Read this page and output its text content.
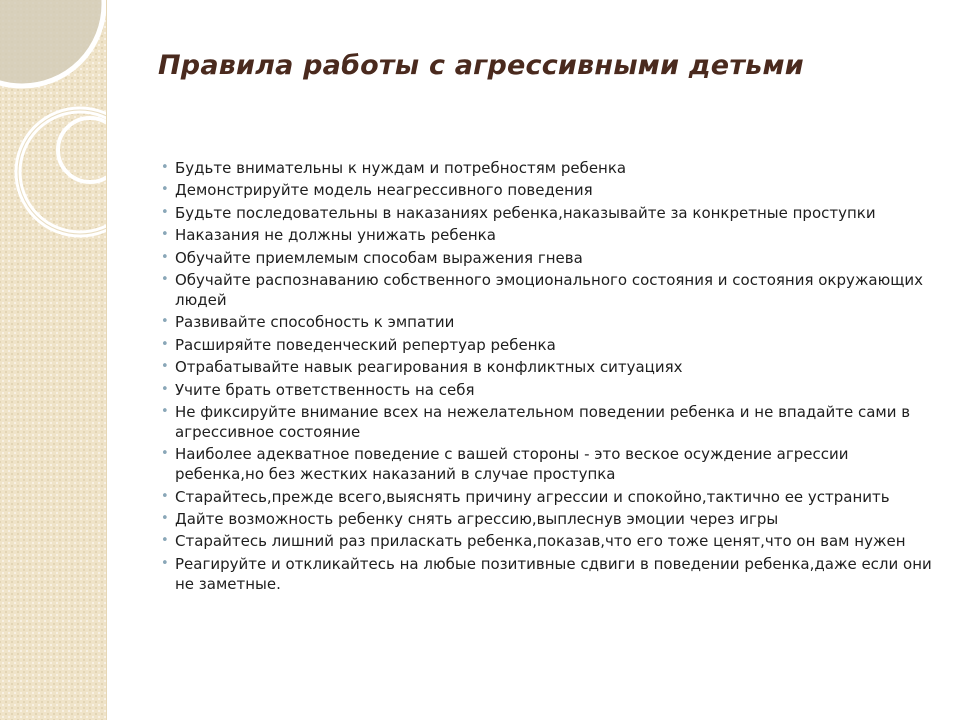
Правила работы с агрессивными детьми
• Будьте внимательны к нуждам и потребностям ребенка
• Демонстрируйте модель неагрессивного поведения
• Будьте последовательны в наказаниях ребенка,наказывайте за конкретные проступки
• Наказания не должны унижать ребенка
• Обучайте приемлемым способам выражения гнева
• Обучайте распознаванию собственного эмоционального состояния и состояния окружающих людей
• Развивайте способность к эмпатии
• Расширяйте поведенческий репертуар ребенка
• Отрабатывайте навык реагирования в конфликтных ситуациях
• Учите брать ответственность на себя
• Не фиксируйте внимание всех на нежелательном поведении ребенка и не впадайте сами в агрессивное состояние
• Наиболее адекватное поведение с вашей стороны - это веское осуждение агрессии ребенка,но без жестких наказаний в случае проступка
• Старайтесь,прежде всего,выяснять причину агрессии и спокойно,тактично ее устранить
• Дайте возможность ребенку снять агрессию,выплеснув эмоции через игры
• Старайтесь лишний раз приласкать ребенка,показав,что его тоже ценят,что он вам нужен
• Реагируйте и откликайтесь на любые позитивные сдвиги в поведении ребенка,даже если они не заметные.
